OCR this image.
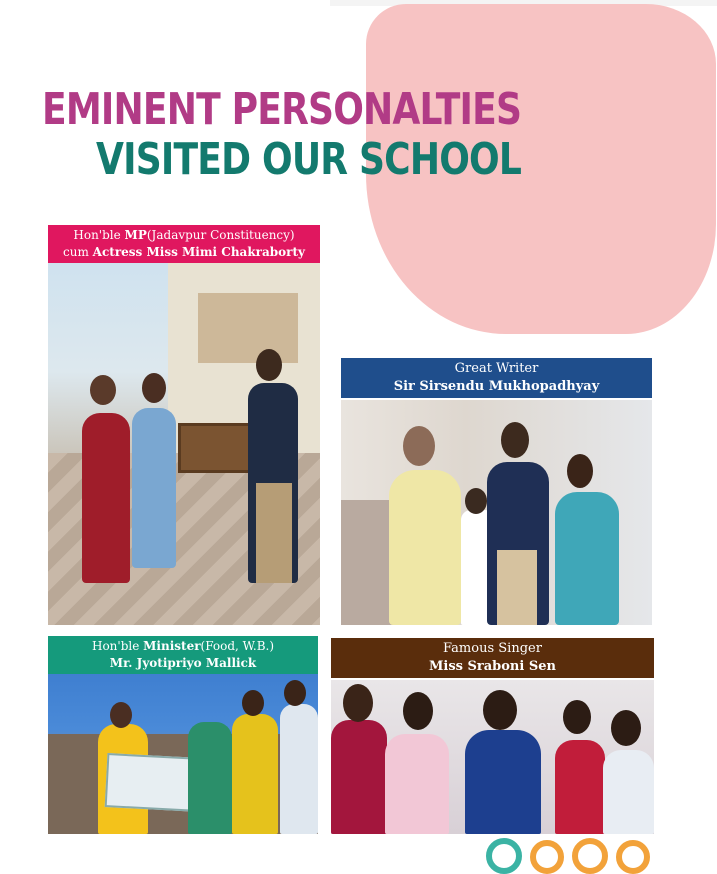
EMINENT PERSONALTIES
VISITED OUR SCHOOL
Hon'ble MP(Jadavpur Constituency)
cum Actress Miss Mimi Chakraborty
Great Writer
Sir Sirsendu Mukhopadhyay
Hon'ble Minister(Food, W.B.)
Mr. Jyotipriyo Mallick
Famous Singer
Miss Sraboni Sen
